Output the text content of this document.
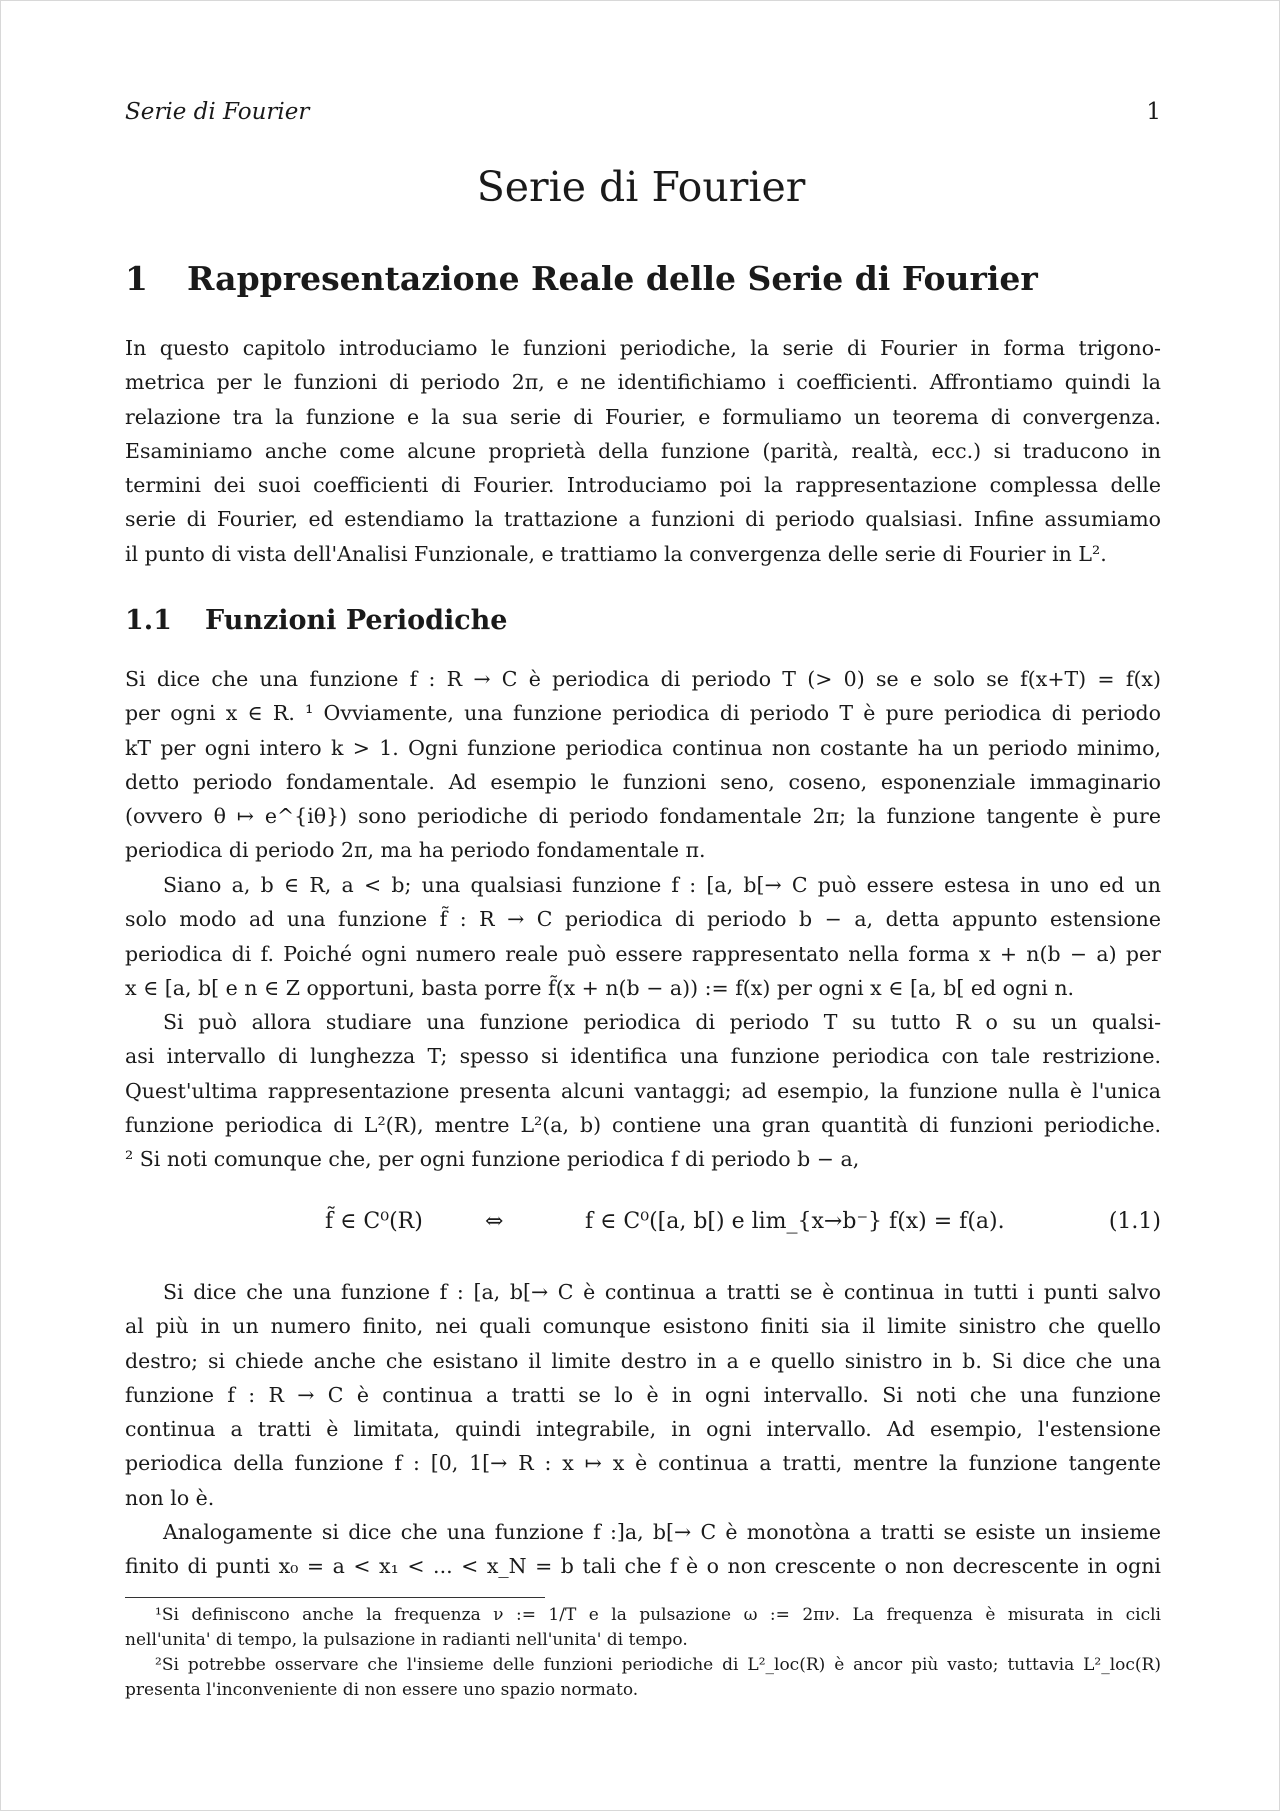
Serie di Fourier	1
Serie di Fourier
1 Rappresentazione Reale delle Serie di Fourier
In questo capitolo introduciamo le funzioni periodiche, la serie di Fourier in forma trigono-
metrica per le funzioni di periodo 2π, e ne identifichiamo i coefficienti. Affrontiamo quindi la
relazione tra la funzione e la sua serie di Fourier, e formuliamo un teorema di convergenza.
Esaminiamo anche come alcune proprietà della funzione (parità, realtà, ecc.) si traducono in
termini dei suoi coefficienti di Fourier. Introduciamo poi la rappresentazione complessa delle
serie di Fourier, ed estendiamo la trattazione a funzioni di periodo qualsiasi. Infine assumiamo
il punto di vista dell'Analisi Funzionale, e trattiamo la convergenza delle serie di Fourier in L².
1.1 Funzioni Periodiche
Si dice che una funzione f : R → C è periodica di periodo T (> 0) se e solo se f(x+T) = f(x)
per ogni x ∈ R. ¹ Ovviamente, una funzione periodica di periodo T è pure periodica di periodo
kT per ogni intero k > 1. Ogni funzione periodica continua non costante ha un periodo minimo,
detto periodo fondamentale. Ad esempio le funzioni seno, coseno, esponenziale immaginario
(ovvero θ ↦ e^{iθ}) sono periodiche di periodo fondamentale 2π; la funzione tangente è pure
periodica di periodo 2π, ma ha periodo fondamentale π.
Siano a, b ∈ R, a < b; una qualsiasi funzione f : [a, b[→ C può essere estesa in uno ed un
solo modo ad una funzione f̃ : R → C periodica di periodo b − a, detta appunto estensione
periodica di f. Poiché ogni numero reale può essere rappresentato nella forma x + n(b − a) per
x ∈ [a, b[ e n ∈ Z opportuni, basta porre f̃(x + n(b − a)) := f(x) per ogni x ∈ [a, b[ ed ogni n.
Si può allora studiare una funzione periodica di periodo T su tutto R o su un qualsi-
asi intervallo di lunghezza T; spesso si identifica una funzione periodica con tale restrizione.
Quest'ultima rappresentazione presenta alcuni vantaggi; ad esempio, la funzione nulla è l'unica
funzione periodica di L²(R), mentre L²(a, b) contiene una gran quantità di funzioni periodiche.
² Si noti comunque che, per ogni funzione periodica f di periodo b − a,
f̃ ∈ C⁰(R)	⇔	f ∈ C⁰([a, b[) e lim_{x→b⁻} f(x) = f(a).	(1.1)
Si dice che una funzione f : [a, b[→ C è continua a tratti se è continua in tutti i punti salvo
al più in un numero finito, nei quali comunque esistono finiti sia il limite sinistro che quello
destro; si chiede anche che esistano il limite destro in a e quello sinistro in b. Si dice che una
funzione f : R → C è continua a tratti se lo è in ogni intervallo. Si noti che una funzione
continua a tratti è limitata, quindi integrabile, in ogni intervallo. Ad esempio, l'estensione
periodica della funzione f : [0, 1[→ R : x ↦ x è continua a tratti, mentre la funzione tangente
non lo è.
Analogamente si dice che una funzione f :]a, b[→ C è monotòna a tratti se esiste un insieme
finito di punti x₀ = a < x₁ < ... < x_N = b tali che f è o non crescente o non decrescente in ogni
¹Si definiscono anche la frequenza ν := 1/T e la pulsazione ω := 2πν. La frequenza è misurata in cicli
nell'unita' di tempo, la pulsazione in radianti nell'unita' di tempo.
²Si potrebbe osservare che l'insieme delle funzioni periodiche di L²_loc(R) è ancor più vasto; tuttavia L²_loc(R)
presenta l'inconveniente di non essere uno spazio normato.
